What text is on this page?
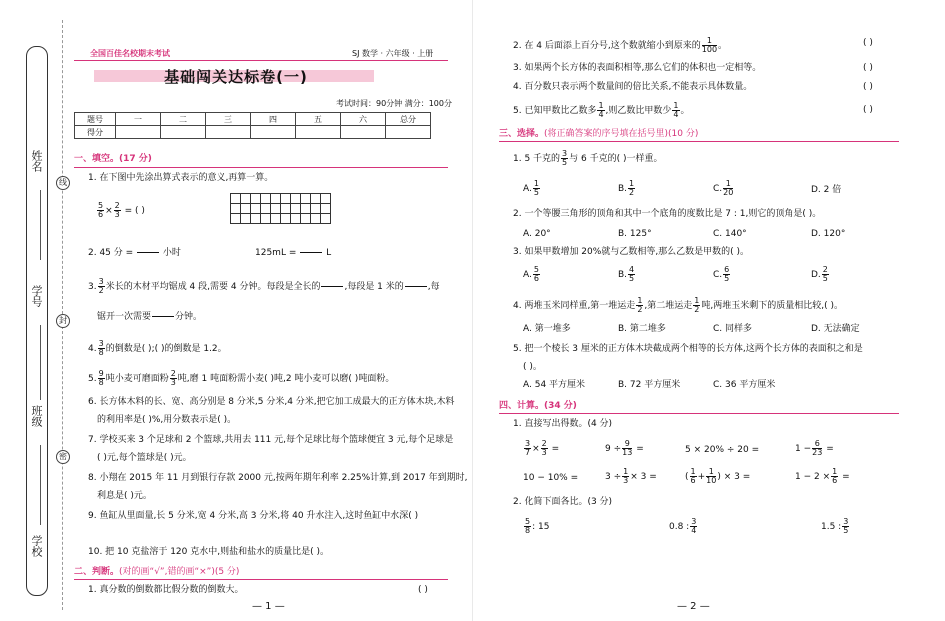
姓名
学号
班级
学校
线
封
密
全国百佳名校期末考试	SJ 数学 · 六年级 · 上册
基础闯关达标卷(一)
考试时间：90分钟 满分：100分
题号	一	二	三	四	五	六	总分
得分							
一、填空。(17 分)
1. 在下图中先涂出算式表示的意义,再算一算。
$\frac{5}{6} \times \frac{2}{3}$ = ( )

2. 45 分 =

	小时	125mL =

	L
3. $\frac{3}{2}$ 米长的木材平均锯成 4 段,需要 4 分钟。每段是全长的

	,每段是 1 米的

	,每
锯开一次需要

	分钟。
4. $\frac{3}{8}$ 的倒数是( );( )的倒数是 1.2。
5. $\frac{9}{8}$ 吨小麦可磨面粉 $\frac{2}{3}$ 吨,磨 1 吨面粉需小麦( )吨,2 吨小麦可以磨( )吨面粉。
6. 长方体木料的长、宽、高分别是 8 分米,5 分米,4 分米,把它加工成最大的正方体木块,木料
的利用率是( )%,用分数表示是( )。
7. 学校买来 3 个足球和 2 个篮球,共用去 111 元,每个足球比每个篮球便宜 3 元,每个足球是
( )元,每个篮球是( )元。
8. 小翔在 2015 年 11 月到银行存款 2000 元,按两年期年利率 2.25%计算,到 2017 年到期时,
利息是( )元。
9. 鱼缸从里面量,长 5 分米,宽 4 分米,高 3 分米,将 40 升水注入,这时鱼缸中水深( )
10. 把 10 克盐溶于 120 克水中,则盐和盐水的质量比是( )。
二、判断。(对的画“√”,错的画“×”)(5 分)
1. 真分数的倒数都比假分数的倒数大。	( )
— 1 —
2. 在 4 后面添上百分号,这个数就缩小到原来的 $\frac{1}{100}$ 。	( )
3. 如果两个长方体的表面积相等,那么它们的体积也一定相等。	( )
4. 百分数只表示两个数量间的倍比关系,不能表示具体数量。	( )
5. 已知甲数比乙数多 $\frac{1}{4}$ ,则乙数比甲数少 $\frac{1}{4}$ 。	( )
三、选择。(将正确答案的序号填在括号里)(10 分)
1. 5 千克的 $\frac{3}{5}$ 与 6 千克的( )一样重。
A. $\frac{1}{5}$	B. $\frac{1}{2}$	C. $\frac{1}{20}$	D. 2 倍
2. 一个等腰三角形的顶角和其中一个底角的度数比是 7 : 1,则它的顶角是( )。
A. 20°	B. 125°	C. 140°	D. 120°
3. 如果甲数增加 20%就与乙数相等,那么乙数是甲数的( )。
A. $\frac{5}{6}$	B. $\frac{4}{5}$	C. $\frac{6}{5}$	D. $\frac{2}{5}$
4. 两堆玉米同样重,第一堆运走 $\frac{1}{2}$ ,第二堆运走 $\frac{1}{2}$ 吨,两堆玉米剩下的质量相比较,( )。
A. 第一堆多	B. 第二堆多	C. 同样多	D. 无法确定
5. 把一个棱长 3 厘米的正方体木块截成两个相等的长方体,这两个长方体的表面积之和是
( )。
A. 54 平方厘米	B. 72 平方厘米	C. 36 平方厘米
四、计算。(34 分)
1. 直接写出得数。(4 分)
$\frac{3}{7} \times \frac{2}{3}$ =	$9 \div \frac{9}{13}$ =	5 × 20% ÷ 20 =	$1 - \frac{6}{23}$ =
10 − 10% =	$3 \div \frac{1}{3} \times 3$ =	( $\frac{1}{6} + \frac{1}{10}$ ) × 3 =	$1 - 2 \times \frac{1}{6}$ =
2. 化简下面各比。(3 分)
$\frac{5}{8}$ : 15	0.8 : $\frac{3}{4}$	1.5 : $\frac{3}{5}$
— 2 —
